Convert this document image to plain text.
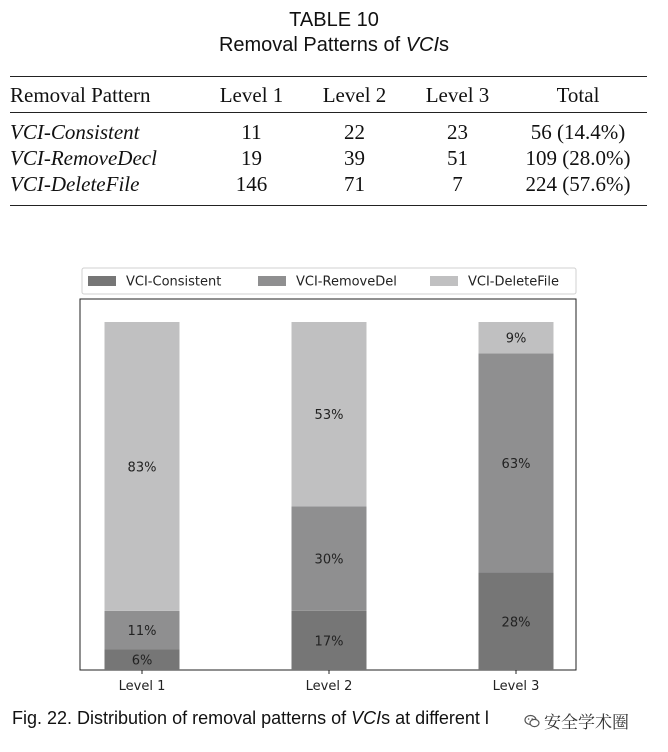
TABLE 10
Removal Patterns of VCIs
Removal Pattern	Level 1	Level 2	Level 3	Total
VCI-Consistent	11	22	23	56 (14.4%)
VCI-RemoveDecl	19	39	51	109 (28.0%)
VCI-DeleteFile	146	71	7	224 (57.6%)
VCI-Consistent	VCI-RemoveDel	VCI-DeleteFile
6%
11%
83%
Level 1
17%
30%
53%
Level 2
28%
63%
9%
Level 3
Fig. 22. Distribution of removal patterns of VCIs at different l	安全学术圈
